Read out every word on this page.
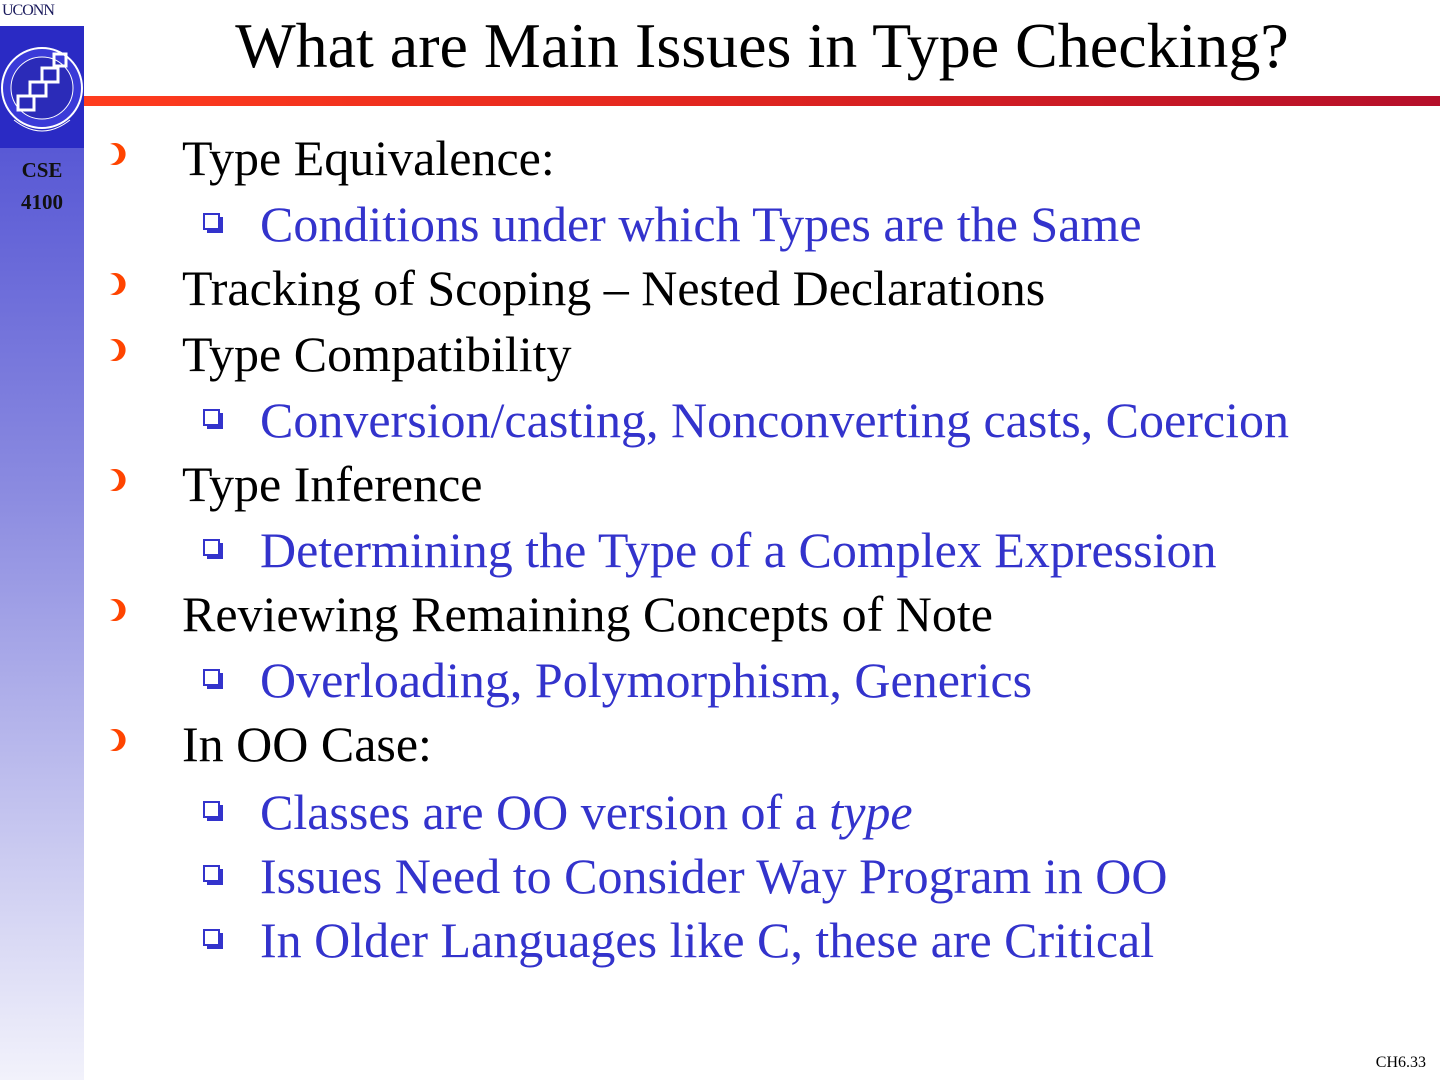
UCONN
CSE
4100
What are Main Issues in Type Checking?
Type Equivalence:
Conditions under which Types are the Same
Tracking of Scoping – Nested Declarations
Type Compatibility
Conversion/casting, Nonconverting casts, Coercion
Type Inference
Determining the Type of a Complex Expression
Reviewing Remaining Concepts of Note
Overloading, Polymorphism, Generics
In OO Case:
Classes are OO version of a type
Issues Need to Consider Way Program in OO
In Older Languages like C, these are Critical
CH6.33
